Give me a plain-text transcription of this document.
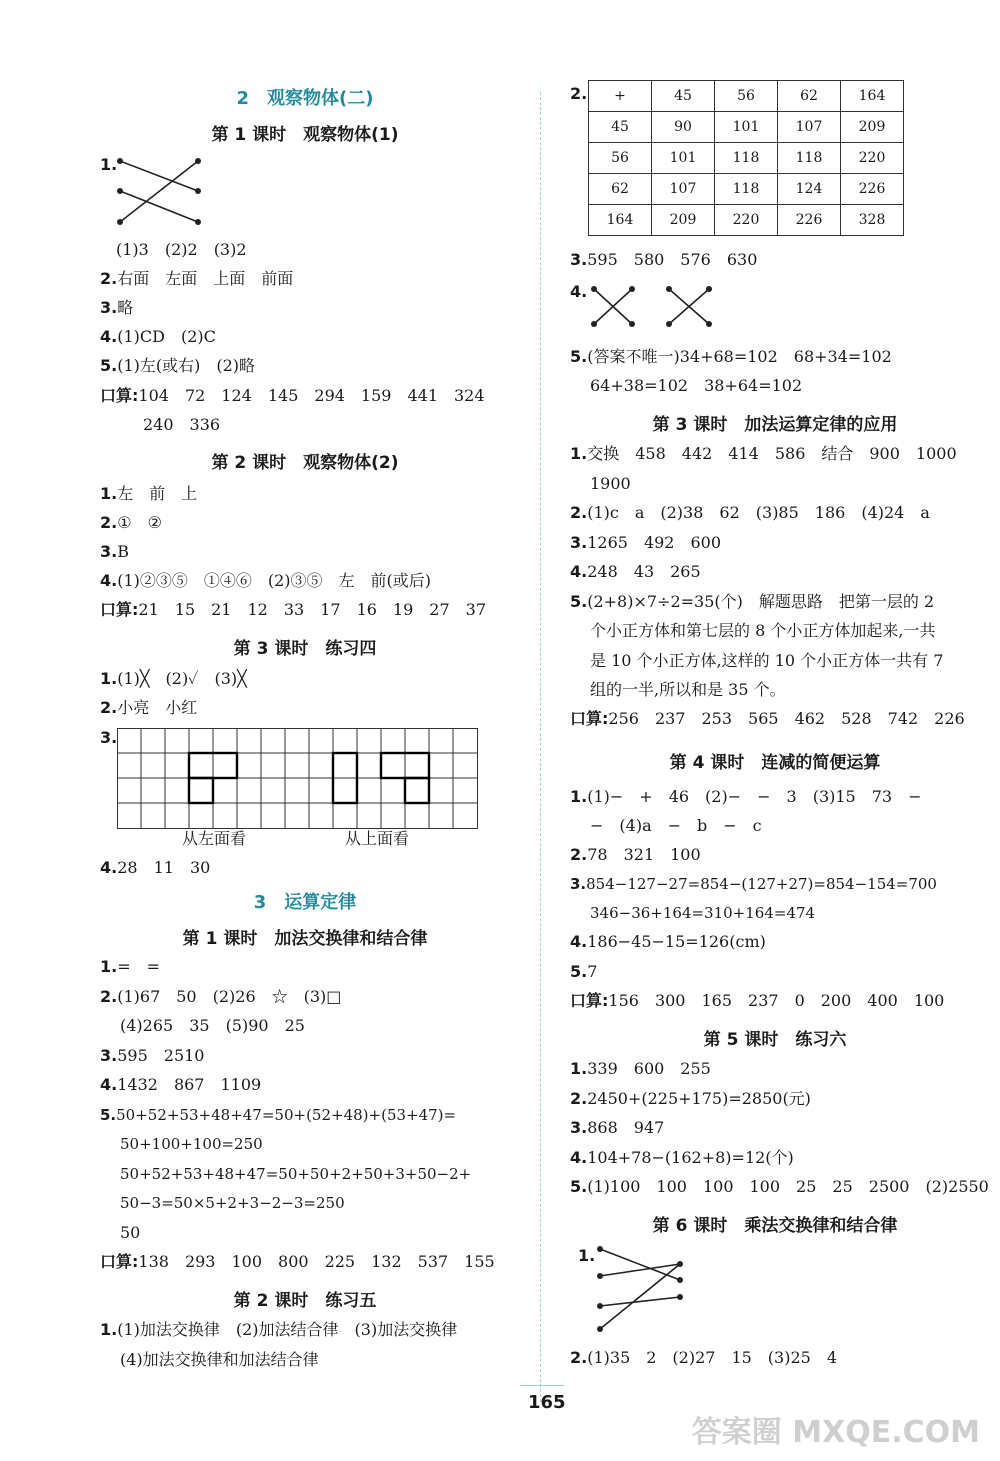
2　观察物体(二)
第 1 课时　观察物体(1)
1.
(1)3　(2)2　(3)2
2.右面　左面　上面　前面
3.略
4.(1)CD　(2)C
5.(1)左(或右)　(2)略
口算:104　72　124　145　294　159　441　324
240　336
第 2 课时　观察物体(2)
1.左　前　上
2.①　②
3.B
4.(1)②③⑤　①④⑥　(2)③⑤　左　前(或后)
口算:21　15　21　12　33　17　16　19　27　37
第 3 课时　练习四
1.(1)╳　(2)✓　(3)╳
2.小亮　小红
3.
从左面看	从上面看
4.28　11　30
3　运算定律
第 1 课时　加法交换律和结合律
1.=　=
2.(1)67　50　(2)26　☆　(3)□
(4)265　35　(5)90　25
3.595　2510
4.1432　867　1109
5.50+52+53+48+47=50+(52+48)+(53+47)=
50+100+100=250
50+52+53+48+47=50+50+2+50+3+50−2+
50−3=50×5+2+3−2−3=250
50
口算:138　293　100　800　225　132　537　155
第 2 课时　练习五
1.(1)加法交换律　(2)加法结合律　(3)加法交换律
(4)加法交换律和加法结合律
2. +	45	56	62	164
45	90	101	107	209
56	101	118	118	220
62	107	118	124	226
164	209	220	226	328
3.595　580　576　630
4.
5.(答案不唯一)34+68=102　68+34=102
64+38=102　38+64=102
第 3 课时　加法运算定律的应用
1.交换　458　442　414　586　结合　900　1000
1900
2.(1)c　a　(2)38　62　(3)85　186　(4)24　a
3.1265　492　600
4.248　43　265
5.(2+8)×7÷2=35(个)　解题思路　把第一层的 2
个小正方体和第七层的 8 个小正方体加起来,一共
是 10 个小正方体,这样的 10 个小正方体一共有 7
组的一半,所以和是 35 个。
口算:256　237　253　565　462　528　742　226
第 4 课时　连减的简便运算
1.(1)−　+　46　(2)−　−　3　(3)15　73　−
−　(4)a　−　b　−　c
2.78　321　100
3.854−127−27=854−(127+27)=854−154=700
346−36+164=310+164=474
4.186−45−15=126(cm)
5.7
口算:156　300　165　237　0　200　400　100
第 5 课时　练习六
1.339　600　255
2.2450+(225+175)=2850(元)
3.868　947
4.104+78−(162+8)=12(个)
5.(1)100　100　100　100　25　25　2500　(2)2550
第 6 课时　乘法交换律和结合律
1.
2.(1)35　2　(2)27　15　(3)25　4
165
答案圈 MXQE.COM
